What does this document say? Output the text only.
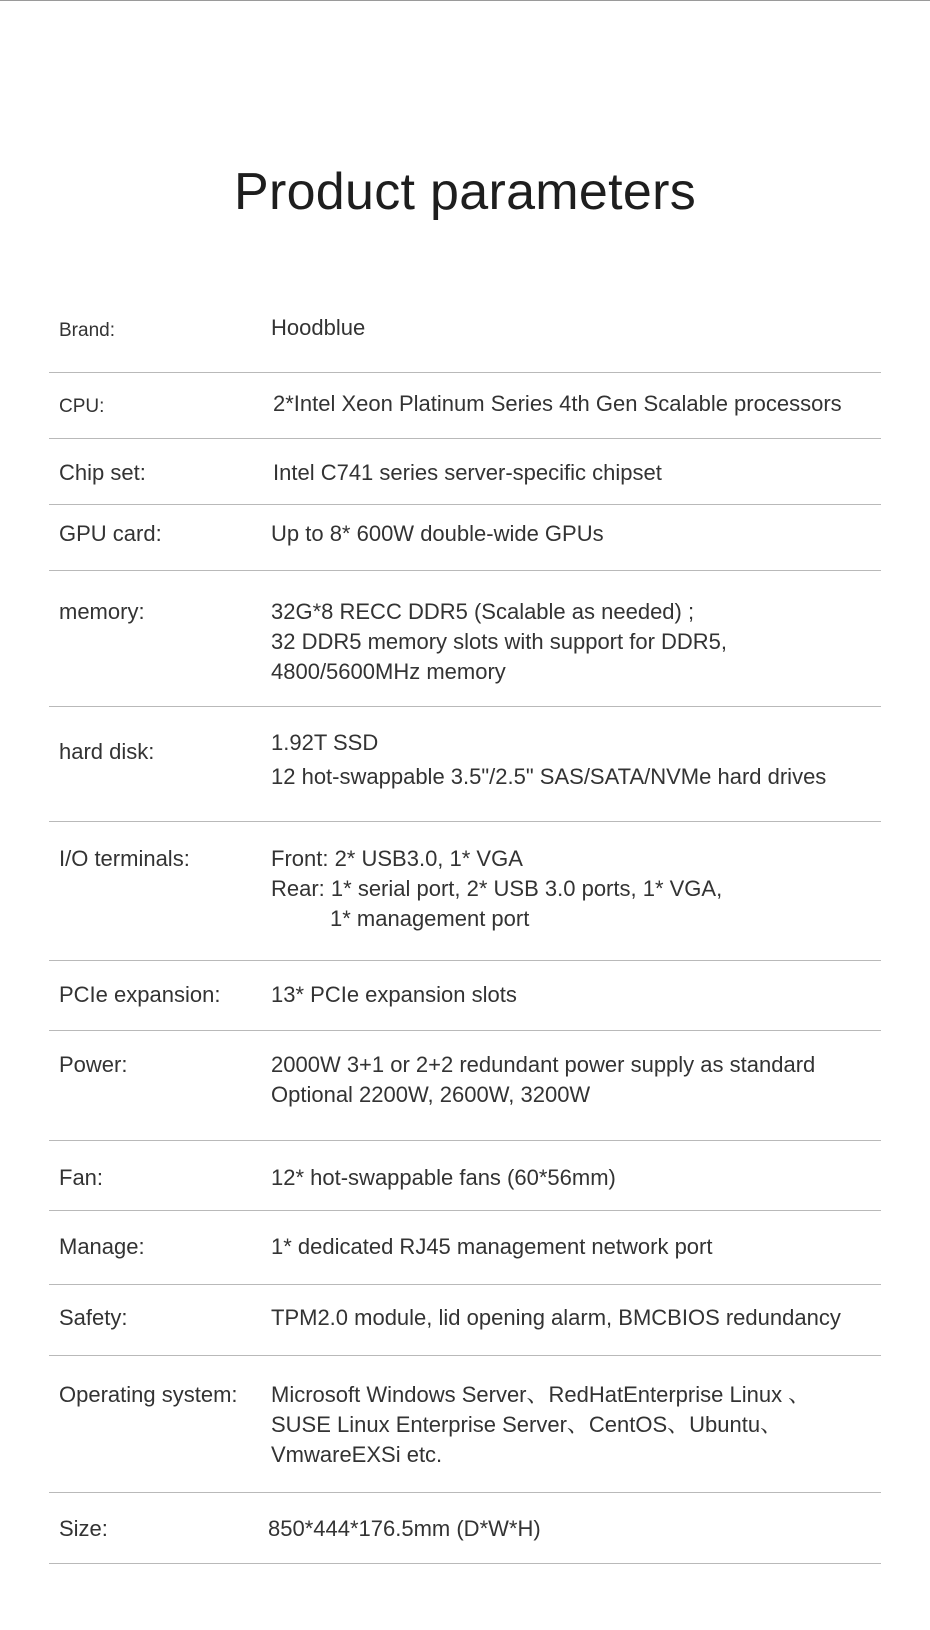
Product parameters
Brand:	Hoodblue
CPU:	2*Intel Xeon Platinum Series 4th Gen Scalable processors
Chip set:	Intel C741 series server-specific chipset
GPU card:	Up to 8* 600W double-wide GPUs
memory:	32G*8 RECC DDR5 (Scalable as needed) ;
32 DDR5 memory slots with support for DDR5,
4800/5600MHz memory
hard disk:	1.92T SSD
12 hot-swappable 3.5"/2.5" SAS/SATA/NVMe hard drives
I/O terminals:	Front: 2* USB3.0, 1* VGA
Rear: 1* serial port, 2* USB 3.0 ports, 1* VGA,
1* management port
PCIe expansion: 13* PCIe expansion slots
Power:	2000W 3+1 or 2+2 redundant power supply as standard
Optional 2200W, 2600W, 3200W
Fan:	12* hot-swappable fans (60*56mm)
Manage:	1* dedicated RJ45 management network port
Safety:	TPM2.0 module, lid opening alarm, BMCBIOS redundancy
Operating system: Microsoft Windows Server、RedHatEnterprise Linux 、
SUSE Linux Enterprise Server、CentOS、Ubuntu、
VmwareEXSi etc.
Size:	850*444*176.5mm (D*W*H)
